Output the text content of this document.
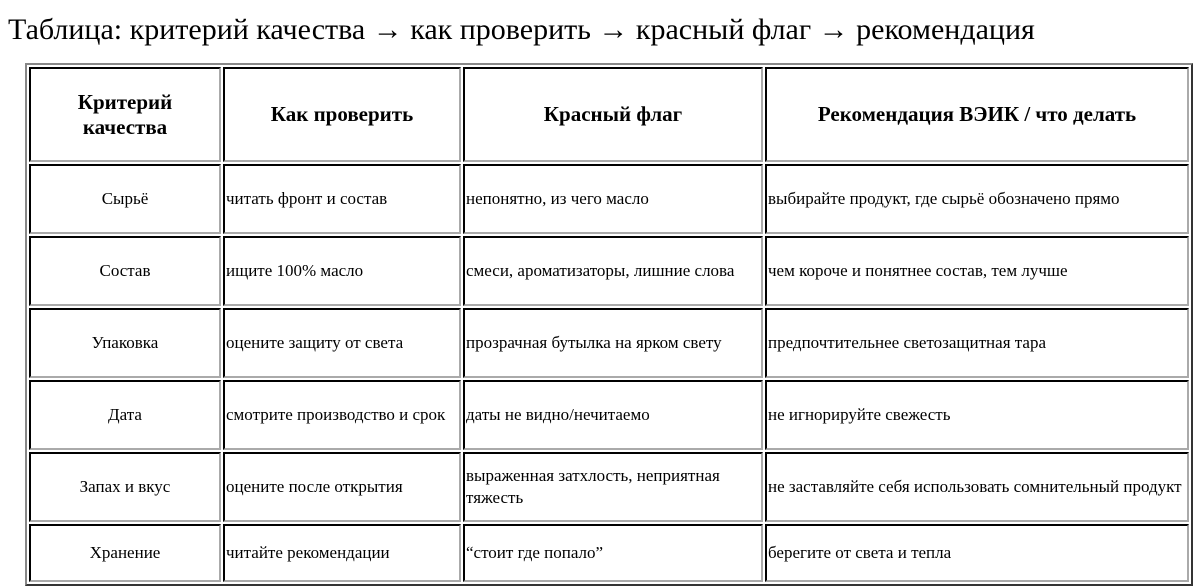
Таблица: критерий качества → как проверить → красный флаг → рекомендация
Критерий качества	Как проверить	Красный флаг	Рекомендация ВЭИК / что делать
Сырьё	читать фронт и состав	непонятно, из чего масло	выбирайте продукт, где сырьё обозначено прямо
Состав	ищите 100% масло	смеси, ароматизаторы, лишние слова	чем короче и понятнее состав, тем лучше
Упаковка	оцените защиту от света	прозрачная бутылка на ярком свету	предпочтительнее светозащитная тара
Дата	смотрите производство и срок	даты не видно/нечитаемо	не игнорируйте свежесть
Запах и вкус	оцените после открытия	выраженная затхлость, неприятная тяжесть	не заставляйте себя использовать сомнительный продукт
Хранение	читайте рекомендации	“стоит где попало”	берегите от света и тепла
